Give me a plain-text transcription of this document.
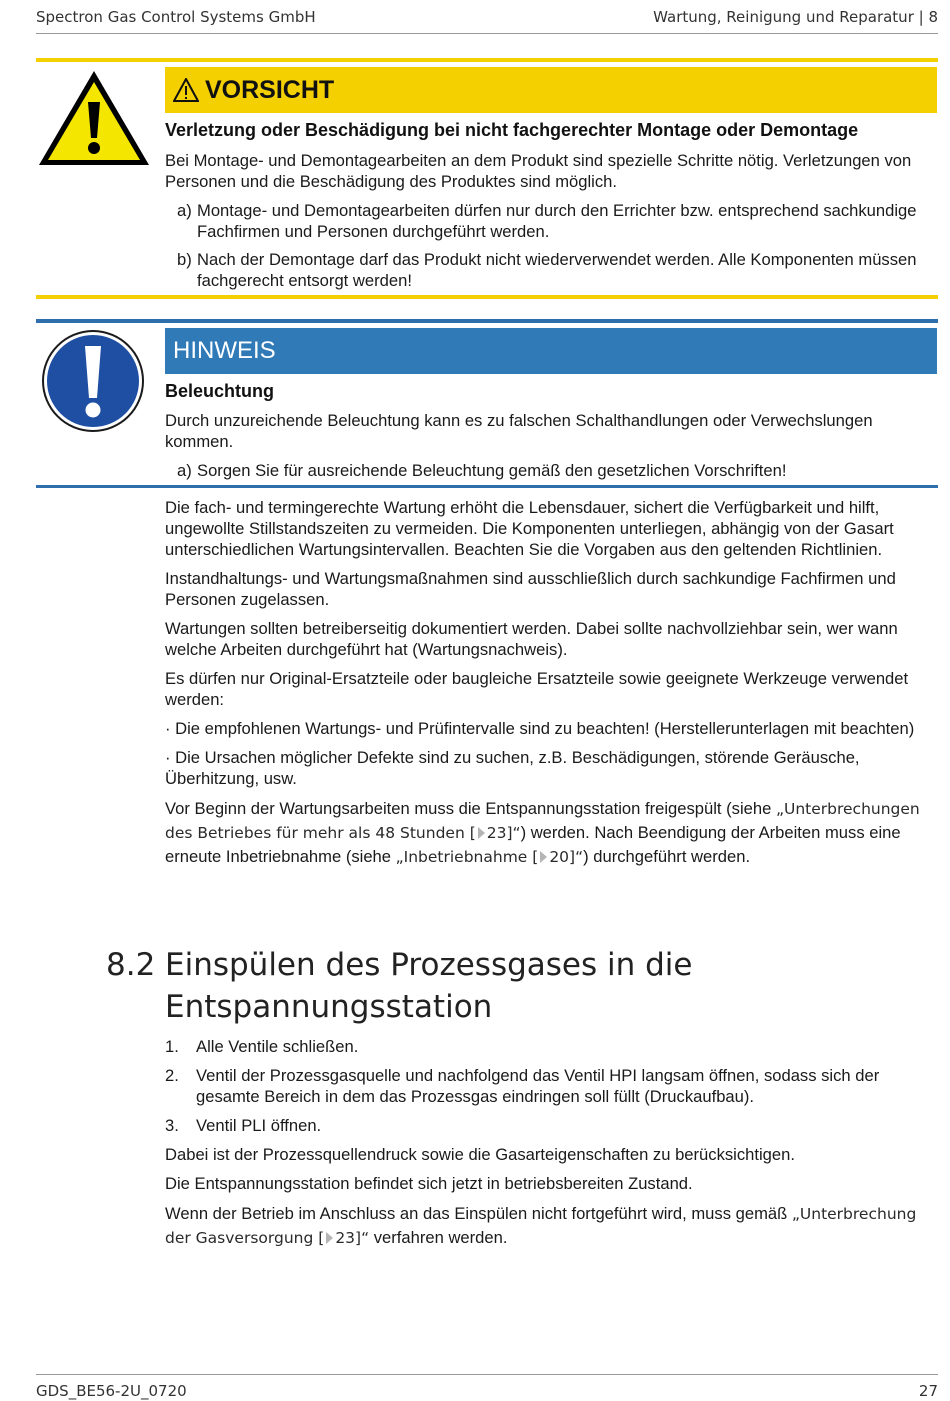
Spectron Gas Control Systems GmbH	Wartung, Reinigung und Reparatur | 8
VORSICHT
Verletzung oder Beschädigung bei nicht fachgerechter Montage oder Demontage

Bei Montage- und Demontagearbeiten an dem Produkt sind spezielle Schritte nötig. Verletzungen von Personen und die Beschädigung des Produktes sind möglich.

a) Montage- und Demontagearbeiten dürfen nur durch den Errichter bzw. entsprechend sachkundige Fachfirmen und Personen durchgeführt werden.
b) Nach der Demontage darf das Produkt nicht wiederverwendet werden. Alle Komponenten müssen fachgerecht entsorgt werden!
HINWEIS
Beleuchtung

Durch unzureichende Beleuchtung kann es zu falschen Schalthandlungen oder Verwechslungen kommen.

a) Sorgen Sie für ausreichende Beleuchtung gemäß den gesetzlichen Vorschriften!

Die fach- und termingerechte Wartung erhöht die Lebensdauer, sichert die Verfügbarkeit und hilft, ungewollte Stillstandszeiten zu vermeiden. Die Komponenten unterliegen, abhängig von der Gasart unterschiedlichen Wartungsintervallen. Beachten Sie die Vorgaben aus den geltenden Richtlinien.

Instandhaltungs- und Wartungsmaßnahmen sind ausschließlich durch sachkundige Fachfirmen und Personen zugelassen.

Wartungen sollten betreiberseitig dokumentiert werden. Dabei sollte nachvollziehbar sein, wer wann welche Arbeiten durchgeführt hat (Wartungsnachweis).

Es dürfen nur Original-Ersatzteile oder baugleiche Ersatzteile sowie geeignete Werkzeuge verwendet werden:

· Die empfohlenen Wartungs- und Prüfintervalle sind zu beachten! (Herstellerunterlagen mit beachten)

· Die Ursachen möglicher Defekte sind zu suchen, z.B. Beschädigungen, störende Geräusche, Überhitzung, usw.

Vor Beginn der Wartungsarbeiten muss die Entspannungsstation freigespült (siehe „Unterbrechungen des Betriebes für mehr als 48 Stunden [ 23]“) werden. Nach Beendigung der Arbeiten muss eine erneute Inbetriebnahme (siehe „Inbetriebnahme [ 20]“) durchgeführt werden.

8.2 Einspülen des Prozessgases in die Entspannungsstation
1.	Alle Ventile schließen.
2.	Ventil der Prozessgasquelle und nachfolgend das Ventil HPI langsam öffnen, sodass sich der gesamte Bereich in dem das Prozessgas eindringen soll füllt (Druckaufbau).
3.	Ventil PLI öffnen.

Dabei ist der Prozessquellendruck sowie die Gasarteigenschaften zu berücksichtigen.

Die Entspannungsstation befindet sich jetzt in betriebsbereiten Zustand.

Wenn der Betrieb im Anschluss an das Einspülen nicht fortgeführt wird, muss gemäß „Unterbrechung der Gasversorgung [ 23]“ verfahren werden.

GDS_BE56-2U_0720	27
